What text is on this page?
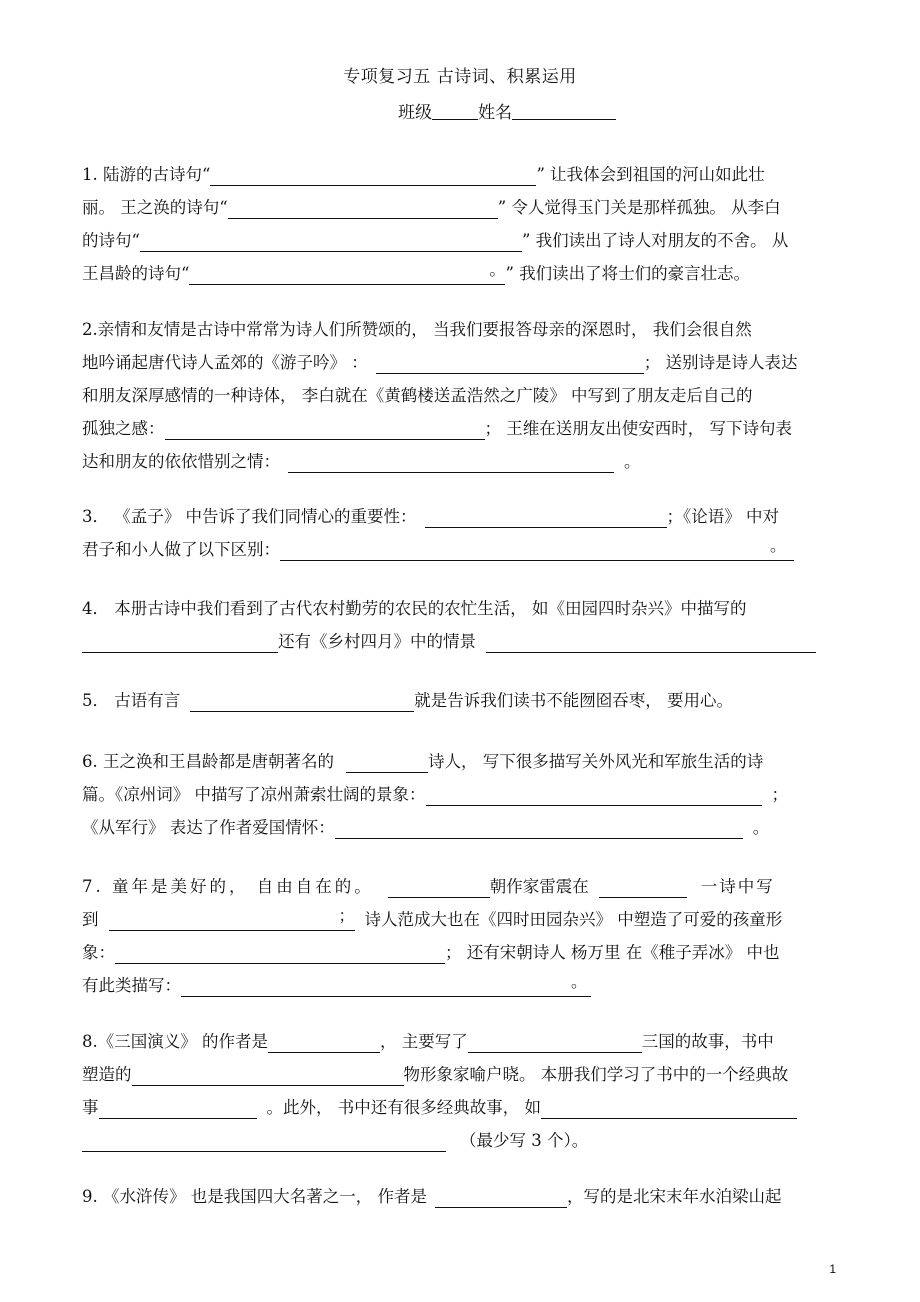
专项复习五 古诗词、积累运用
班级	姓名

1. 陆游的古诗句“	” 让我体会到祖国的河山如此壮

丽。 王之涣的诗句“	” 令人觉得玉门关是那样孤独。 从李白

的诗句“	” 我们读出了诗人对朋友的不舍。 从

王昌龄的诗句“	。 ” 我们读出了将士们的豪言壮志。

2.亲情和友情是古诗中常常为诗人们所赞颂的， 当我们要报答母亲的深恩时， 我们会很自然

地吟诵起唐代诗人孟郊的《游子吟》 ：	； 送别诗是诗人表达

和朋友深厚感情的一种诗体， 李白就在《黄鹤楼送孟浩然之广陵》 中写到了朋友走后自己的

孤独之感：	； 王维在送朋友出使安西时， 写下诗句表

达和朋友的依依惜别之情：	。

3． 《孟子》 中告诉了我们同情心的重要性：	；《论语》 中对

君子和小人做了以下区别：	。

4． 本册古诗中我们看到了古代农村勤劳的农民的农忙生活， 如《田园四时杂兴》中描写的

还有《乡村四月》中的情景

5． 古语有言	就是告诉我们读书不能囫囵吞枣， 要用心。

6. 王之涣和王昌龄都是唐朝著名的	诗人， 写下很多描写关外风光和军旅生活的诗

篇。《凉州词》 中描写了凉州萧索壮阔的景象：	；

《从军行》 表达了作者爱国情怀：	。

7. 童年是美好的， 自由自在的。	朝作家雷震在	一诗中写

到	； 诗人范成大也在《四时田园杂兴》 中塑造了可爱的孩童形

象：	； 还有宋朝诗人 杨万里 在《稚子弄冰》 中也

有此类描写：	。

8.《三国演义》 的作者是	， 主要写了	三国的故事，书中

塑造的	物形象家喻户晓。 本册我们学习了书中的一个经典故

事	。此外， 书中还有很多经典故事， 如

（最少写 3 个）。

9. 《水浒传》 也是我国四大名著之一， 作者是	，写的是北宋末年水泊梁山起

1
